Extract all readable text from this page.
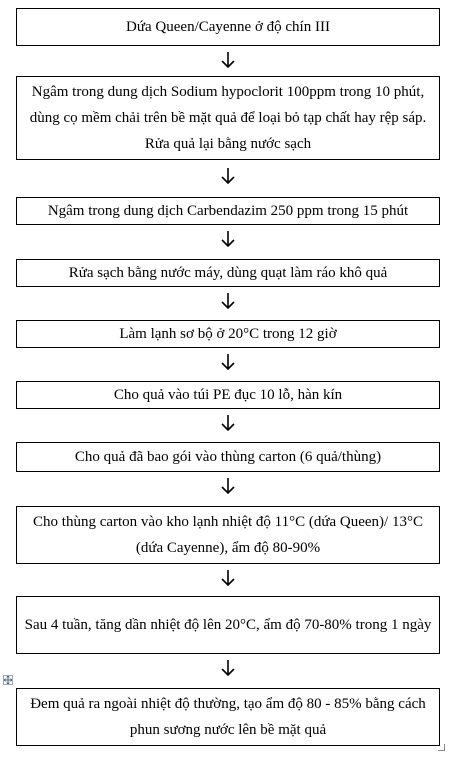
Dứa Queen/Cayenne ở độ chín III
Ngâm trong dung dịch Sodium hypoclorit 100ppm trong 10 phút, dùng cọ mềm chải trên bề mặt quả để loại bỏ tạp chất hay rệp sáp. Rửa quả lại bằng nước sạch
Ngâm trong dung dịch Carbendazim 250 ppm trong 15 phút
Rửa sạch bằng nước máy, dùng quạt làm ráo khô quả
Làm lạnh sơ bộ ở 20°C trong 12 giờ
Cho quả vào túi PE đục 10 lỗ, hàn kín
Cho quả đã bao gói vào thùng carton (6 quả/thùng)
Cho thùng carton vào kho lạnh nhiệt độ 11°C (dứa Queen)/ 13°C (dứa Cayenne), ẩm độ 80-90%
Sau 4 tuần, tăng dần nhiệt độ lên 20°C, ẩm độ 70-80% trong 1 ngày
Đem quả ra ngoài nhiệt độ thường, tạo ẩm độ 80 - 85% bằng cách phun sương nước lên bề mặt quả
